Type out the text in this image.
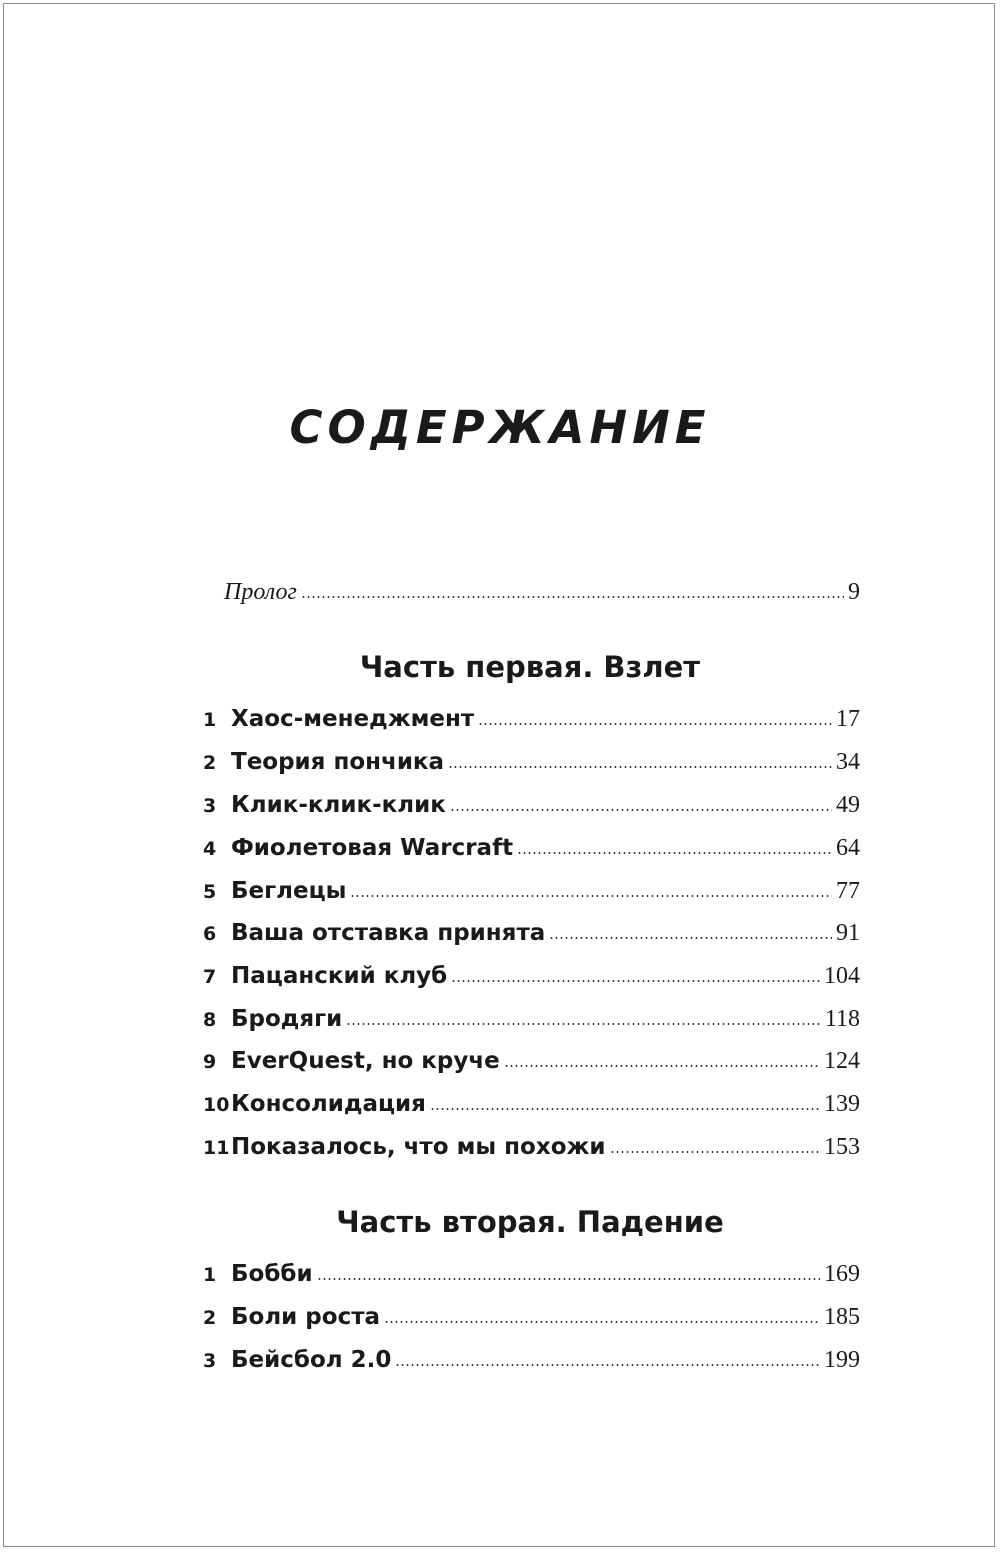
СОДЕРЖАНИЕ
Пролог	9
Часть первая. Взлет
1 Хаос-менеджмент	17
2 Теория пончика	34
3 Клик-клик-клик	49
4 Фиолетовая Warcraft	64
5 Беглецы	77
6 Ваша отставка принята	91
7 Пацанский клуб	104
8 Бродяги	118
9 EverQuest, но круче	124
10 Консолидация	139
11 Показалось, что мы похожи	153
Часть вторая. Падение
1 Бобби	169
2 Боли роста	185
3 Бейсбол 2.0	199
